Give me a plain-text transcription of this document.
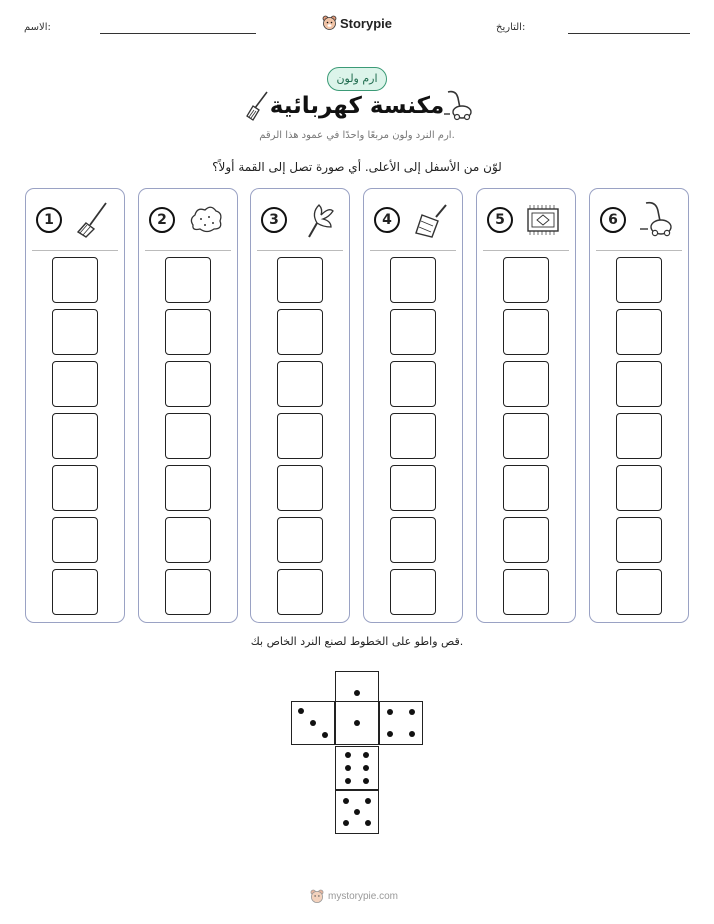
الاسم:	Storypie	التاريخ:
ارم ولون
مكنسة كهربائية
ارم النرد ولون مربعًا واحدًا في عمود هذا الرقم.
لوّن من الأسفل إلى الأعلى. أي صورة تصل إلى القمة أولاً؟
1	2	3	4	5	6
قص واطو على الخطوط لصنع النرد الخاص بك.
mystorypie.com
